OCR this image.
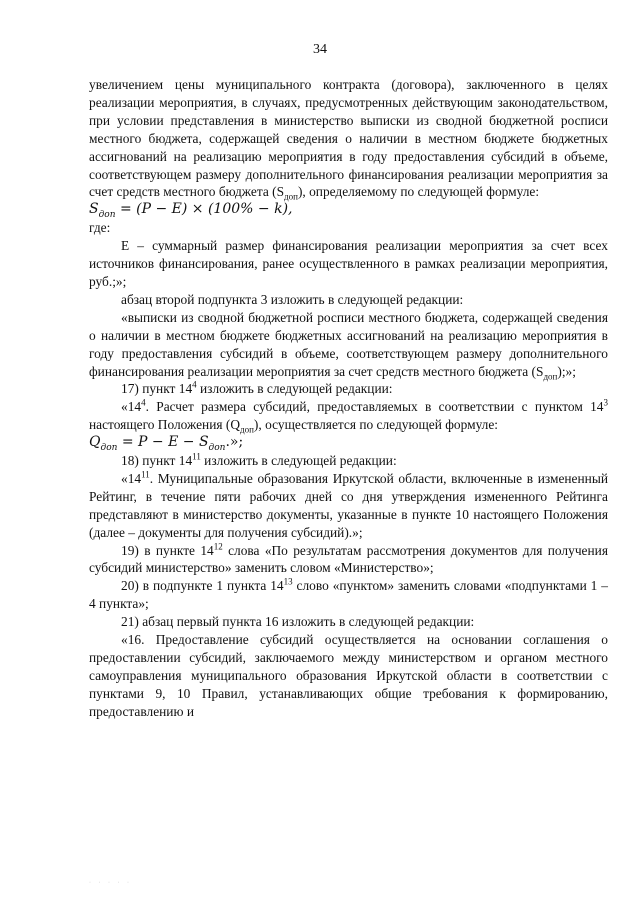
34

увеличением цены муниципального контракта (договора), заключенного в целях реализации мероприятия, в случаях, предусмотренных действующим законодательством, при условии представления в министерство выписки из сводной бюджетной росписи местного бюджета, содержащей сведения о наличии в местном бюджете бюджетных ассигнований на реализацию мероприятия в году предоставления субсидий в объеме, соответствующем размеру дополнительного финансирования реализации мероприятия за счет средств местного бюджета $(S_{доп})$, определяемому по следующей формуле:

$S_{доп} = (P - E) \times (100\% - k)$,

где:

E – суммарный размер финансирования реализации мероприятия за счет всех источников финансирования, ранее осуществленного в рамках реализации мероприятия, руб.;»;

абзац второй подпункта 3 изложить в следующей редакции:

«выписки из сводной бюджетной росписи местного бюджета, содержащей сведения о наличии в местном бюджете бюджетных ассигнований на реализацию мероприятия в году предоставления субсидий в объеме, соответствующем размеру дополнительного финансирования реализации мероприятия за счет средств местного бюджета $(S_{доп})$;»;

17) пункт $14^4$ изложить в следующей редакции:

«$14^4$. Расчет размера субсидий, предоставляемых в соответствии с пунктом $14^3$ настоящего Положения $(Q_{доп})$, осуществляется по следующей формуле:

$Q_{доп} = P - E - S_{доп}$.»;

18) пункт $14^{11}$ изложить в следующей редакции:

«$14^{11}$. Муниципальные образования Иркутской области, включенные в измененный Рейтинг, в течение пяти рабочих дней со дня утверждения измененного Рейтинга представляют в министерство документы, указанные в пункте 10 настоящего Положения (далее – документы для получения субсидий).»;

19) в пункте $14^{12}$ слова «По результатам рассмотрения документов для получения субсидий министерство» заменить словом «Министерство»;

20) в подпункте 1 пункта $14^{13}$ слово «пунктом» заменить словами «подпунктами 1 – 4 пункта»;

21) абзац первый пункта 16 изложить в следующей редакции:

«16. Предоставление субсидий осуществляется на основании соглашения о предоставлении субсидий, заключаемого между министерством и органом местного самоуправления муниципального образования Иркутской области в соответствии с пунктами 9, 10 Правил, устанавливающих общие требования к формированию, предоставлению и

· · · · ·
